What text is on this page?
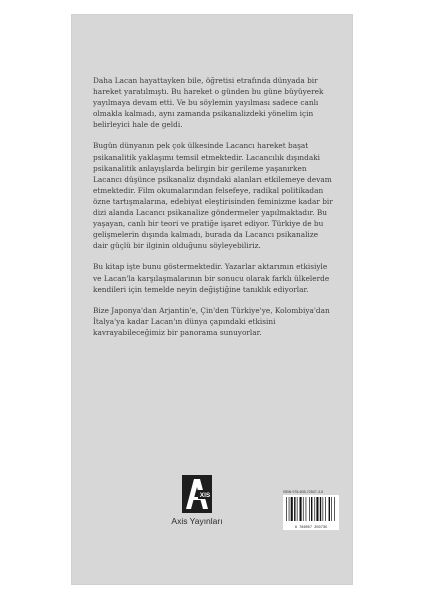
Daha Lacan hayattayken bile, öğretisi etrafında dünyada bir hareket yaratılmıştı. Bu hareket o günden bu güne büyüyerek yayılmaya devam etti. Ve bu söylemin yayılması sadece canlı olmakla kalmadı, aynı zamanda psikanalizdeki yönelim için belirleyici hale de geldi.

Bugün dünyanın pek çok ülkesinde Lacancı hareket başat psikanalitik yaklaşımı temsil etmektedir. Lacancılık dışındaki psikanalitik anlayışlarda belirgin bir gerileme yaşanırken Lacancı düşünce psikanaliz dışındaki alanları etkilemeye devam etmektedir. Film okumalarından felsefeye, radikal politikadan özne tartışmalarına, edebiyat eleştirisinden feminizme kadar bir dizi alanda Lacancı psikanalize göndermeler yapılmaktadır. Bu yaşayan, canlı bir teori ve pratiğe işaret ediyor. Türkiye de bu gelişmelerin dışında kalmadı, burada da Lacancı psikanalize dair güçlü bir ilginin olduğunu söyleyebiliriz.

Bu kitap işte bunu göstermektedir. Yazarlar aktarımın etkisiyle ve Lacan'la karşılaşmalarının bir sonucu olarak farklı ülkelerde kendileri için temelde neyin değiştiğine tanıklık ediyorlar.

Bize Japonya'dan Arjantin'e, Çin'den Türkiye'ye, Kolombiya'dan İtalya'ya kadar Lacan'ın dünya çapındaki etkisini kavrayabileceğimiz bir panorama sunuyorlar.

XIS
Axis Yayınları
ISBN 978-605-72507-3-5
9 786057 250735
